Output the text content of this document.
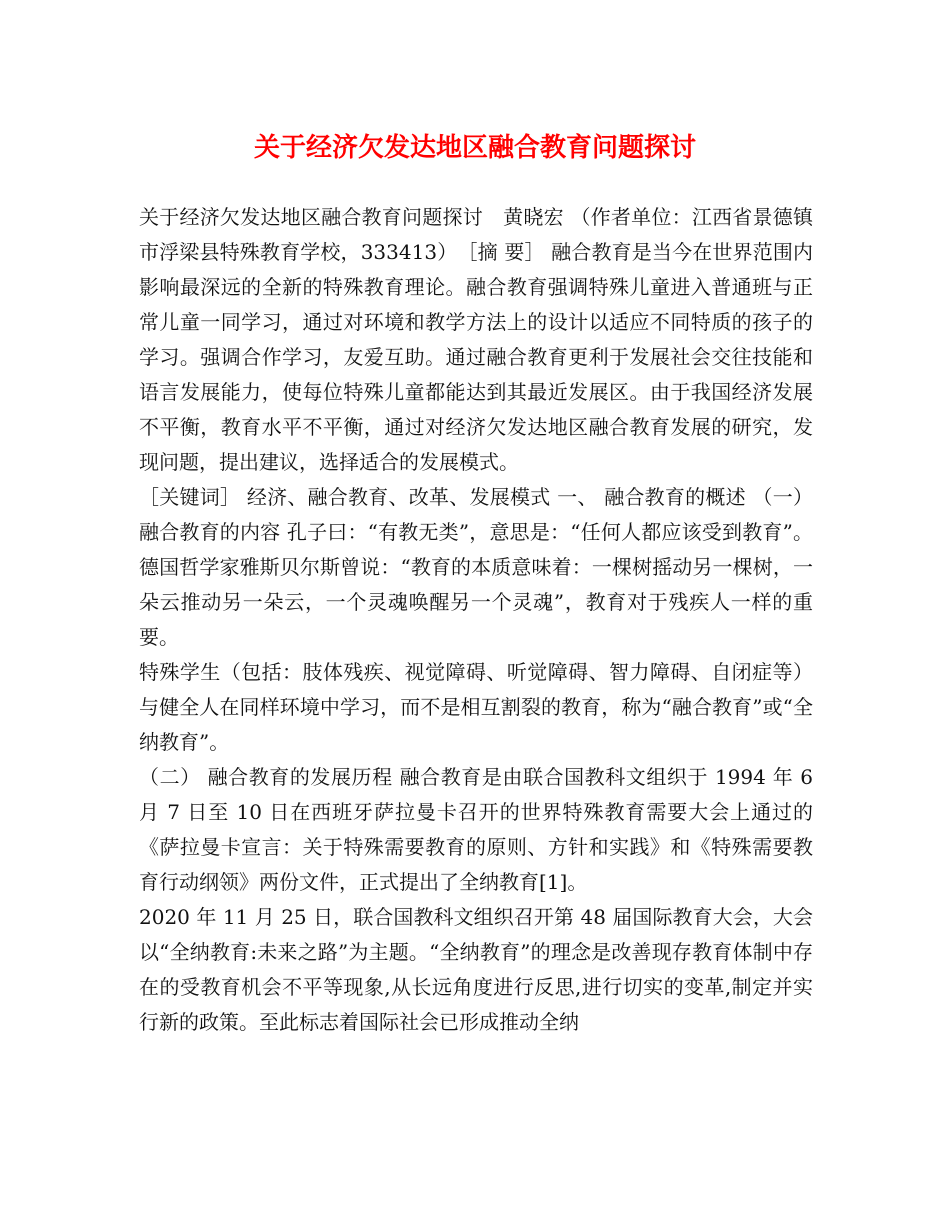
关于经济欠发达地区融合教育问题探讨

关于经济欠发达地区融合教育问题探讨　黄晓宏 （作者单位：江西省景德镇市浮梁县特殊教育学校，333413）　［摘 要］ 融合教育是当今在世界范围内影响最深远的全新的特殊教育理论。融合教育强调特殊儿童进入普通班与正常儿童一同学习，通过对环境和教学方法上的设计以适应不同特质的孩子的学习。强调合作学习，友爱互助。通过融合教育更利于发展社会交往技能和语言发展能力，使每位特殊儿童都能达到其最近发展区。由于我国经济发展不平衡，教育水平不平衡，通过对经济欠发达地区融合教育发展的研究，发现问题，提出建议，选择适合的发展模式。

［关键词］ 经济、融合教育、改革、发展模式 一、 融合教育的概述 （一） 融合教育的内容 孔子曰：“有教无类”，意思是：“任何人都应该受到教育”。德国哲学家雅斯贝尔斯曾说：“教育的本质意味着：一棵树摇动另一棵树，一朵云推动另一朵云，一个灵魂唤醒另一个灵魂”，教育对于残疾人一样的重要。

特殊学生（包括：肢体残疾、视觉障碍、听觉障碍、智力障碍、自闭症等）与健全人在同样环境中学习，而不是相互割裂的教育，称为“融合教育”或“全纳教育”。

（二） 融合教育的发展历程 融合教育是由联合国教科文组织于 1994 年 6 月 7 日至 10 日在西班牙萨拉曼卡召开的世界特殊教育需要大会上通过的《萨拉曼卡宣言：关于特殊需要教育的原则、方针和实践》和《特殊需要教育行动纲领》两份文件，正式提出了全纳教育[1]。

2020 年 11 月 25 日，联合国教科文组织召开第 48 届国际教育大会，大会以“全纳教育:未来之路”为主题。“全纳教育”的理念是改善现存教育体制中存在的受教育机会不平等现象,从长远角度进行反思,进行切实的变革,制定并实行新的政策。至此标志着国际社会已形成推动全纳
